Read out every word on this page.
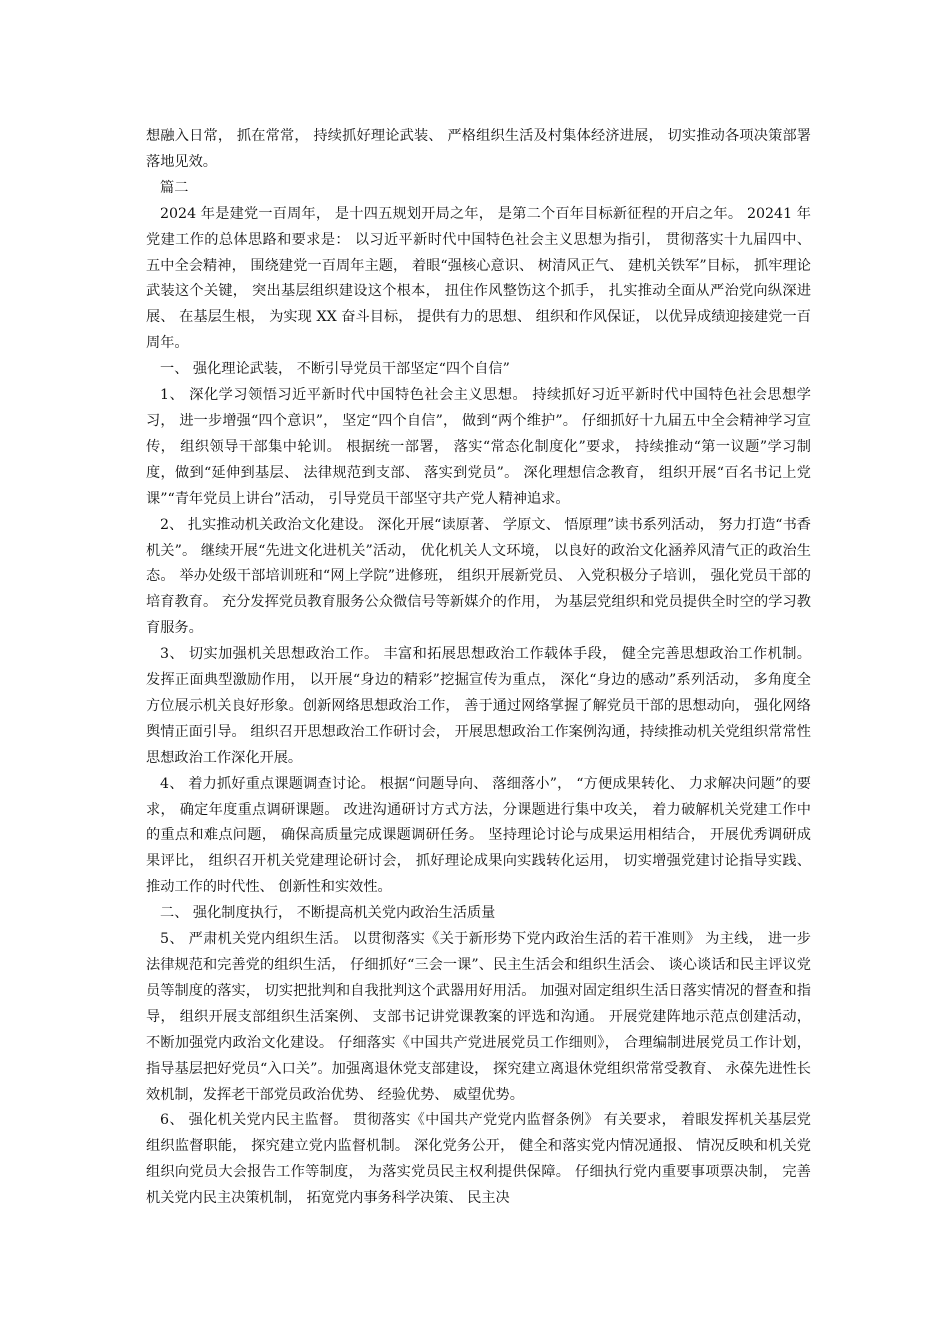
想融入日常， 抓在常常， 持续抓好理论武装、 严格组织生活及村集体经济进展， 切实推动各项决策部署落地见效。

篇二

2024 年是建党一百周年， 是十四五规划开局之年， 是第二个百年目标新征程的开启之年。 20241 年党建工作的总体思路和要求是： 以习近平新时代中国特色社会主义思想为指引， 贯彻落实十九届四中、 五中全会精神， 围绕建党一百周年主题， 着眼“强核心意识、 树清风正气、 建机关铁军”目标， 抓牢理论武装这个关键， 突出基层组织建设这个根本， 扭住作风整饬这个抓手， 扎实推动全面从严治党向纵深进展、 在基层生根， 为实现 XX 奋斗目标， 提供有力的思想、 组织和作风保证， 以优异成绩迎接建党一百周年。

一、 强化理论武装， 不断引导党员干部坚定“四个自信”

1、 深化学习领悟习近平新时代中国特色社会主义思想。 持续抓好习近平新时代中国特色社会思想学习， 进一步增强“四个意识”， 坚定“四个自信”， 做到“两个维护”。 仔细抓好十九届五中全会精神学习宣传， 组织领导干部集中轮训。 根据统一部署， 落实“常态化制度化”要求， 持续推动“第一议题”学习制度，做到“延伸到基层、 法律规范到支部、 落实到党员”。 深化理想信念教育， 组织开展“百名书记上党课”“青年党员上讲台”活动， 引导党员干部坚守共产党人精神追求。

2、 扎实推动机关政治文化建设。 深化开展“读原著、 学原文、 悟原理”读书系列活动， 努力打造“书香机关”。 继续开展“先进文化进机关”活动， 优化机关人文环境， 以良好的政治文化涵养风清气正的政治生态。 举办处级干部培训班和“网上学院”进修班， 组织开展新党员、 入党积极分子培训， 强化党员干部的培育教育。 充分发挥党员教育服务公众微信号等新媒介的作用， 为基层党组织和党员提供全时空的学习教育服务。

3、 切实加强机关思想政治工作。 丰富和拓展思想政治工作载体手段， 健全完善思想政治工作机制。 发挥正面典型激励作用， 以开展“身边的精彩”挖掘宣传为重点， 深化“身边的感动”系列活动， 多角度全方位展示机关良好形象。创新网络思想政治工作， 善于通过网络掌握了解党员干部的思想动向， 强化网络舆情正面引导。 组织召开思想政治工作研讨会， 开展思想政治工作案例沟通，持续推动机关党组织常常性思想政治工作深化开展。

4、 着力抓好重点课题调查讨论。 根据“问题导向、 落细落小”， “方便成果转化、 力求解决问题”的要求， 确定年度重点调研课题。 改进沟通研讨方式方法，分课题进行集中攻关， 着力破解机关党建工作中的重点和难点问题， 确保高质量完成课题调研任务。 坚持理论讨论与成果运用相结合， 开展优秀调研成果评比， 组织召开机关党建理论研讨会， 抓好理论成果向实践转化运用， 切实增强党建讨论指导实践、 推动工作的时代性、 创新性和实效性。

二、 强化制度执行， 不断提高机关党内政治生活质量

5、 严肃机关党内组织生活。 以贯彻落实《关于新形势下党内政治生活的若干准则》 为主线， 进一步法律规范和完善党的组织生活， 仔细抓好“三会一课”、民主生活会和组织生活会、 谈心谈话和民主评议党员等制度的落实， 切实把批判和自我批判这个武器用好用活。 加强对固定组织生活日落实情况的督查和指导， 组织开展支部组织生活案例、 支部书记讲党课教案的评选和沟通。 开展党建阵地示范点创建活动， 不断加强党内政治文化建设。 仔细落实《中国共产党进展党员工作细则》， 合理编制进展党员工作计划， 指导基层把好党员“入口关”。加强离退休党支部建设， 探究建立离退休党组织常常受教育、 永葆先进性长效机制，发挥老干部党员政治优势、 经验优势、 威望优势。

6、 强化机关党内民主监督。 贯彻落实《中国共产党党内监督条例》 有关要求， 着眼发挥机关基层党组织监督职能， 探究建立党内监督机制。 深化党务公开， 健全和落实党内情况通报、 情况反映和机关党组织向党员大会报告工作等制度， 为落实党员民主权利提供保障。 仔细执行党内重要事项票决制， 完善机关党内民主决策机制， 拓宽党内事务科学决策、 民主决
